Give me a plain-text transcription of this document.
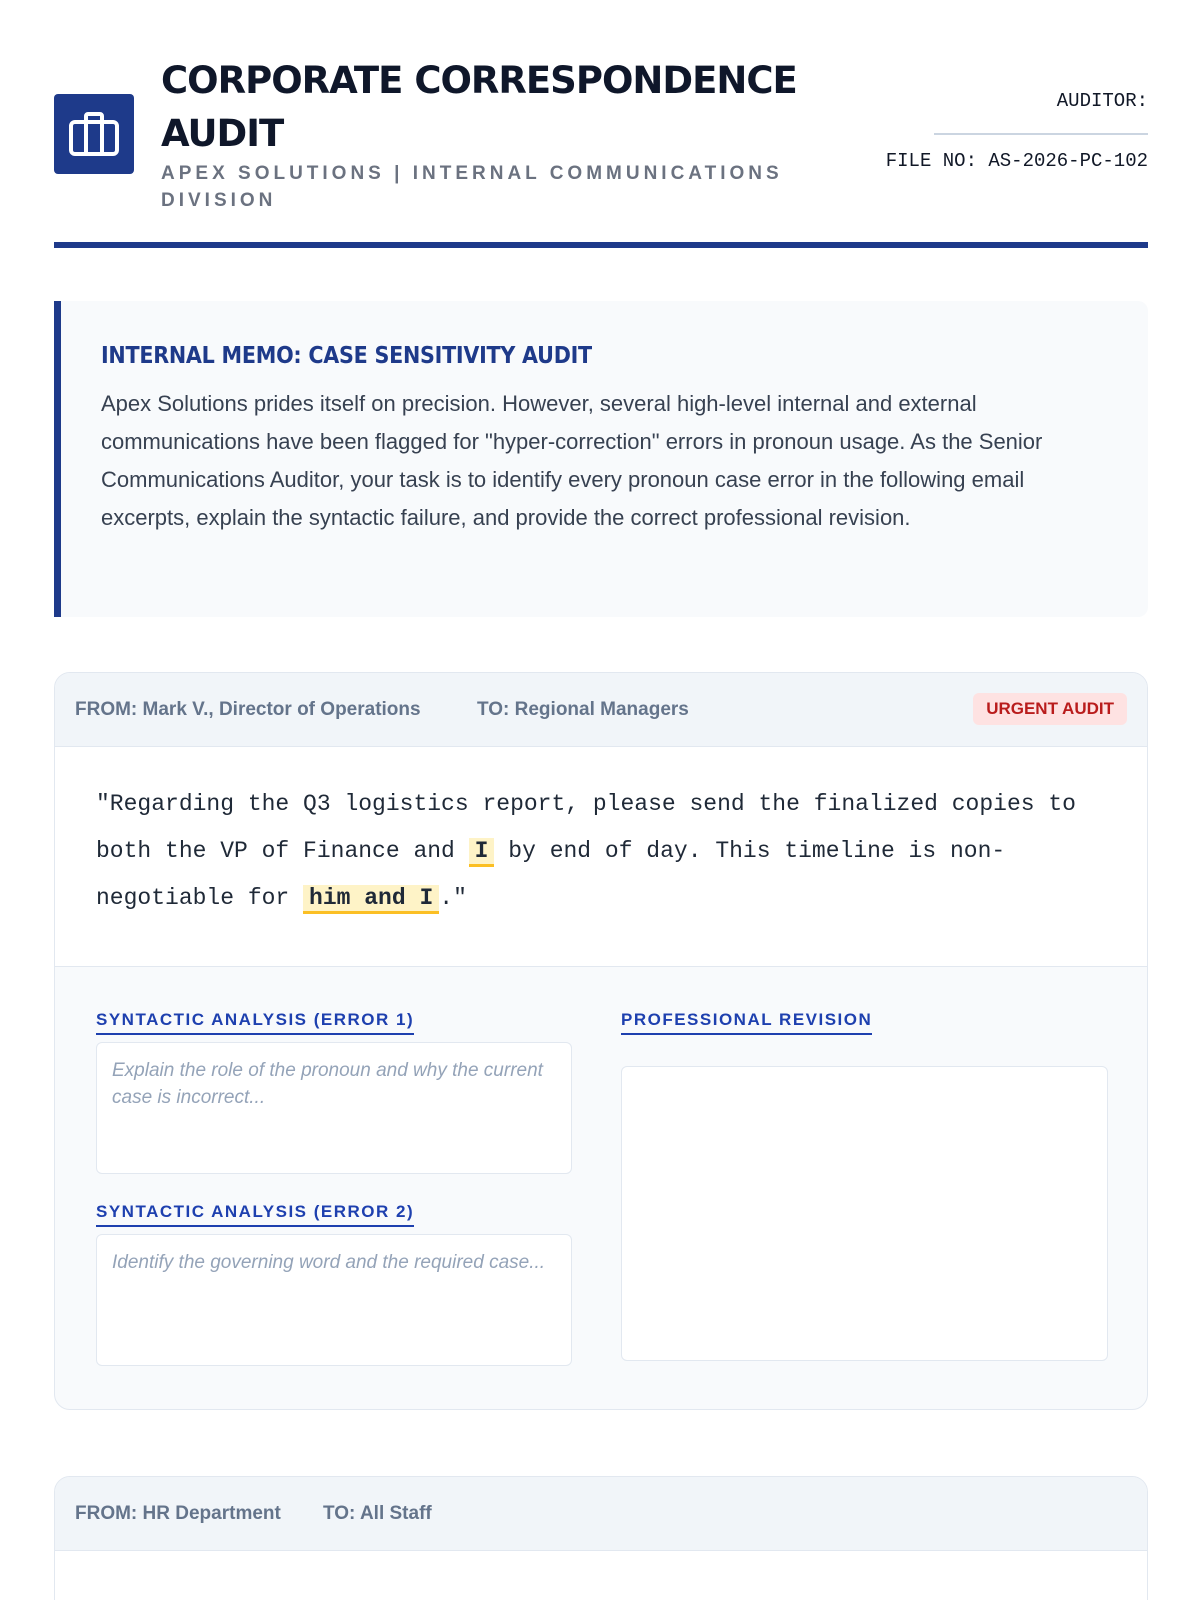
CORPORATE CORRESPONDENCE
AUDIT
APEX SOLUTIONS | INTERNAL COMMUNICATIONS
DIVISION
AUDITOR:
FILE NO: AS-2026-PC-102
INTERNAL MEMO: CASE SENSITIVITY AUDIT
Apex Solutions prides itself on precision. However, several high-level internal and external communications have been flagged for "hyper-correction" errors in pronoun usage. As the Senior Communications Auditor, your task is to identify every pronoun case error in the following email excerpts, explain the syntactic failure, and provide the correct professional revision.
FROM: Mark V., Director of Operations	TO: Regional Managers	URGENT AUDIT
"Regarding the Q3 logistics report, please send the finalized copies to both the VP of Finance and I by end of day. This timeline is non-negotiable for him and I ."
SYNTACTIC ANALYSIS (ERROR 1)
Explain the role of the pronoun and why the current case is incorrect...
SYNTACTIC ANALYSIS (ERROR 2)
Identify the governing word and the required case...
PROFESSIONAL REVISION
FROM: HR Department TO: All Staff
